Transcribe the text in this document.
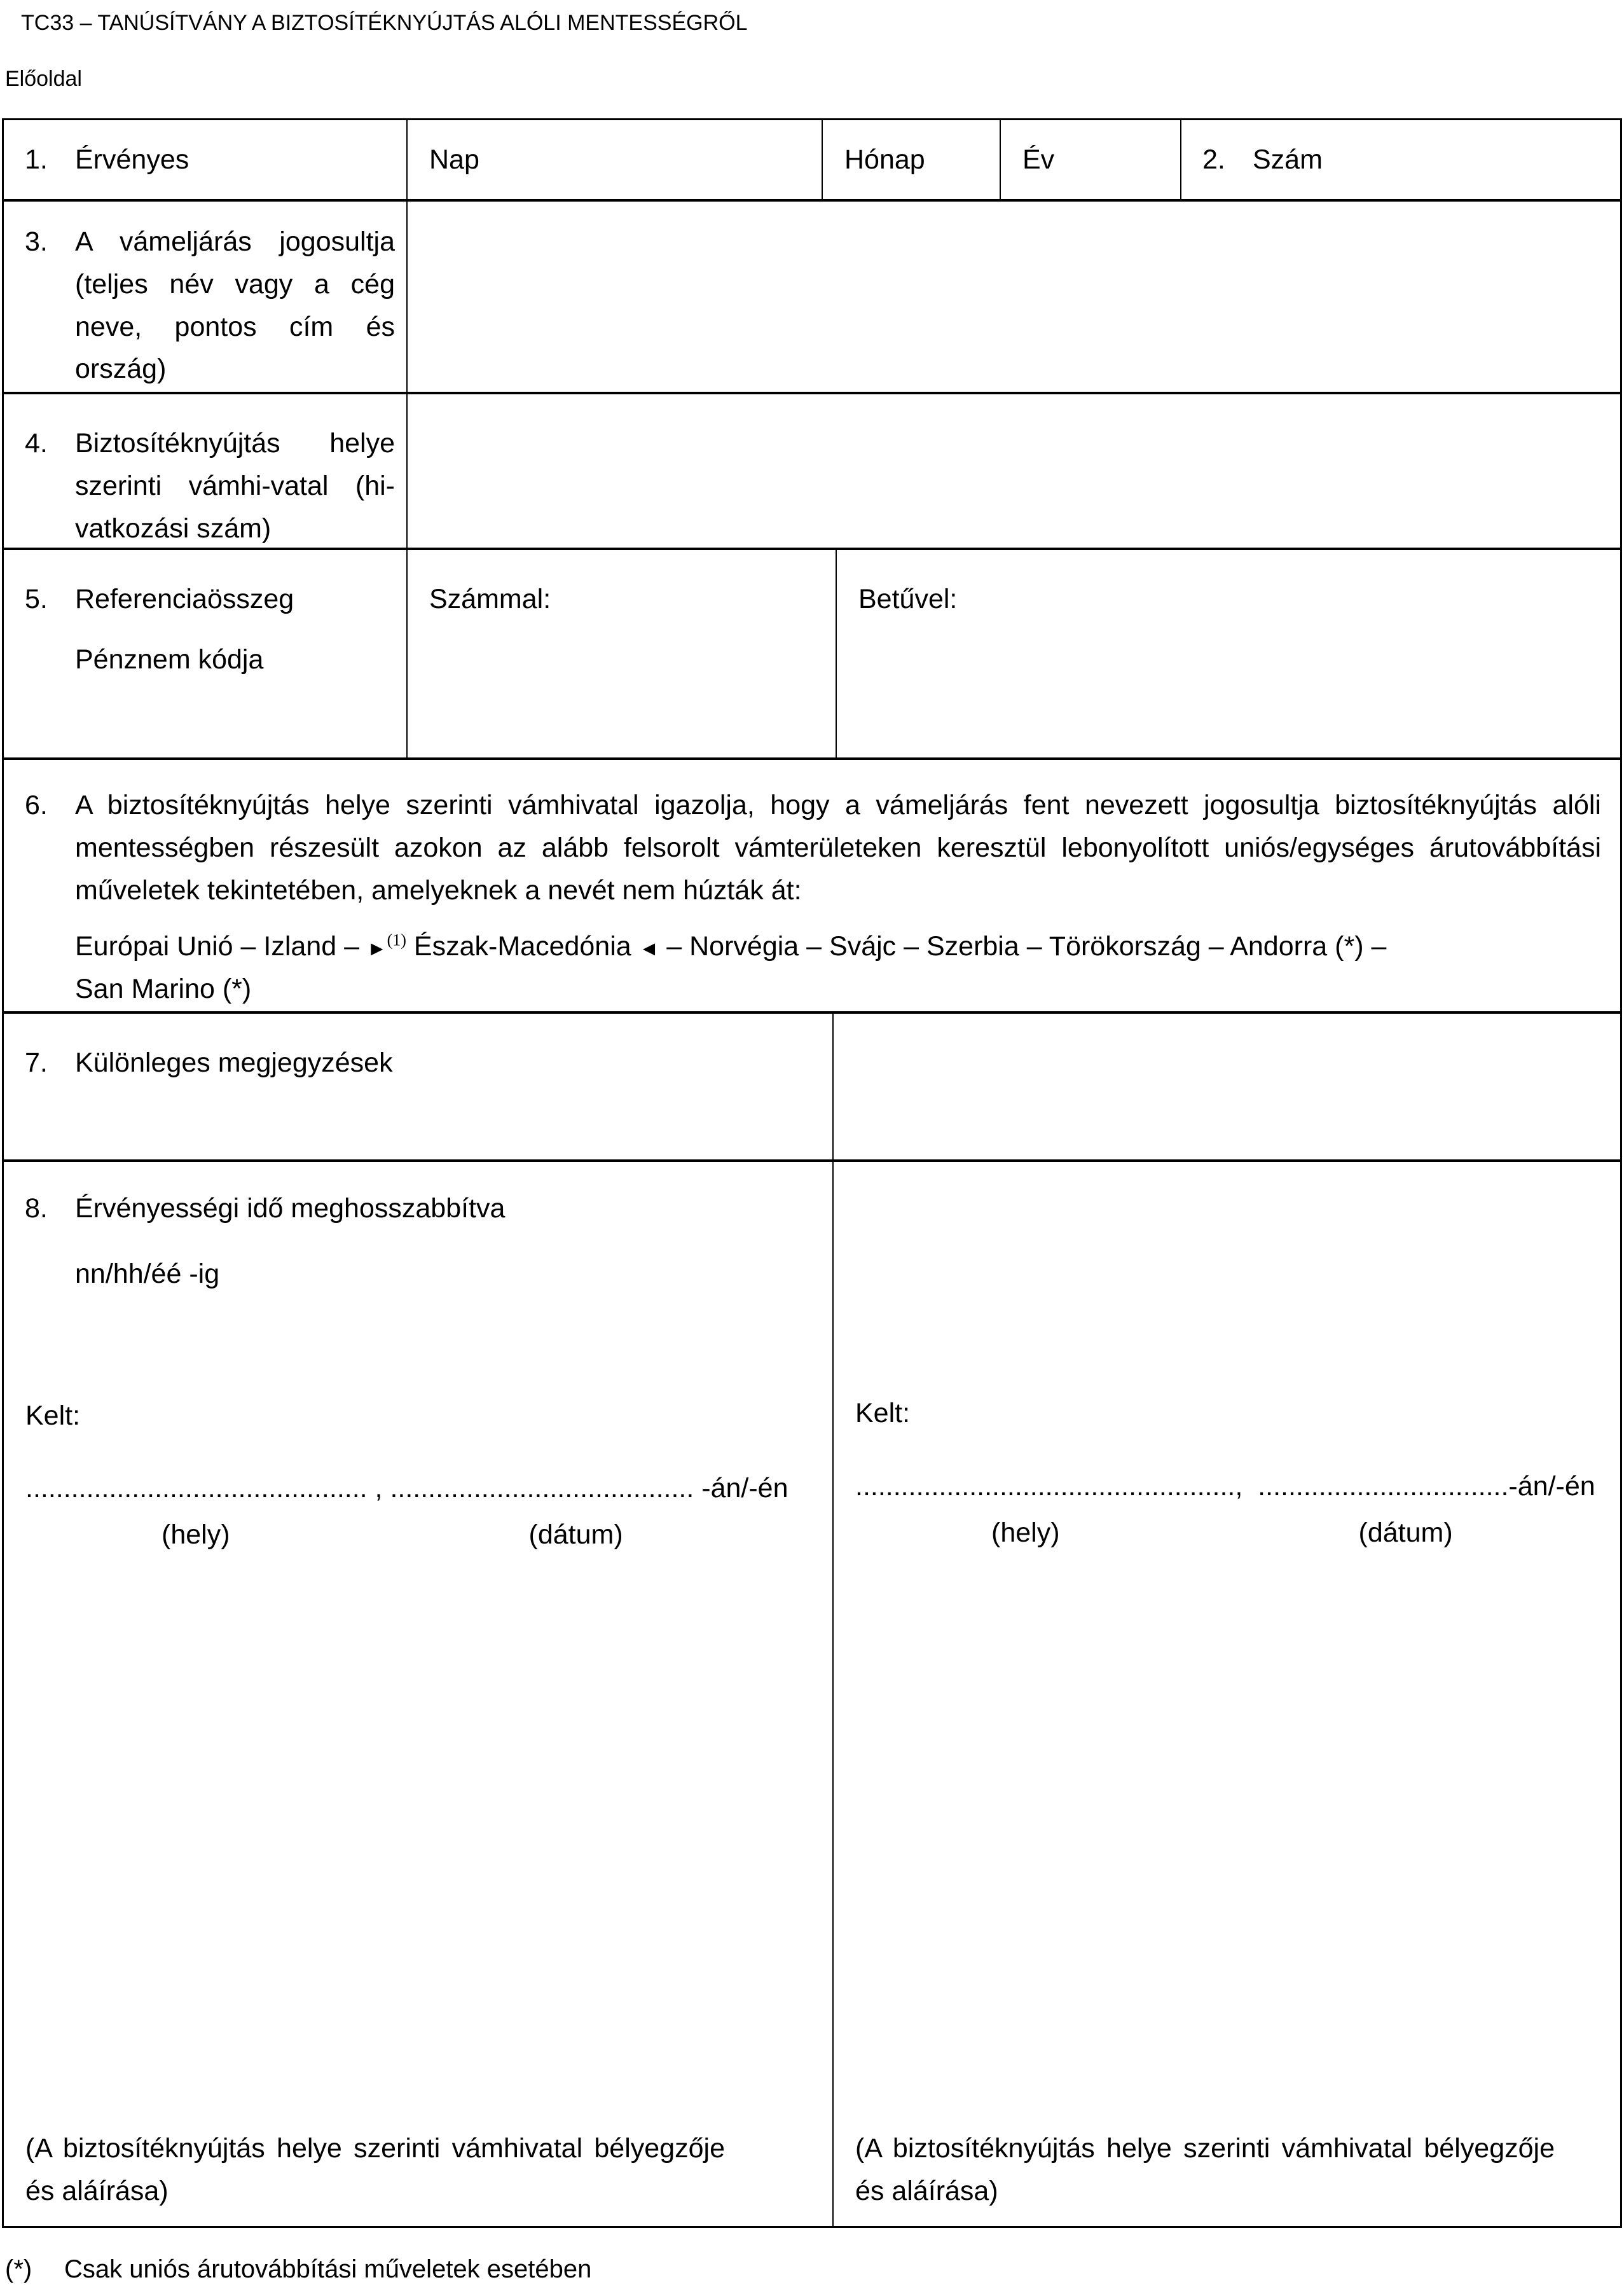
TC33 – TANÚSÍTVÁNY A BIZTOSÍTÉKNYÚJTÁS ALÓLI MENTESSÉGRŐL
Előoldal
1. Érvényes	Nap	Hónap	Év	2. Szám
3. A vámeljárás jogosultja (teljes név vagy a cég neve, pontos cím és ország)
4. Biztosítéknyújtás helye szerinti vámhi-vatal (hi-vatkozási szám)
5. Referenciaösszeg
Pénznem kódja
Számmal:	Betűvel:
6. A biztosítéknyújtás helye szerinti vámhivatal igazolja, hogy a vámeljárás fent nevezett jogosultja biztosítéknyújtás alóli mentességben részesült azokon az alább felsorolt vámterületeken keresztül lebonyolított uniós/egységes árutovábbítási műveletek tekintetében, amelyeknek a nevét nem húzták át:
Európai Unió – Izland – ►$^{(1)}$ Észak-Macedónia ◄ – Norvégia – Svájc – Szerbia – Törökország – Andorra (*) –
San Marino (*)
7. Különleges megjegyzések
8. Érvényességi idő meghosszabbítva
nn/hh/éé -ig
Kelt:
............................................. , ........................................ -án/-én
(hely)	(dátum)
(A biztosítéknyújtás helye szerinti vámhivatal bélyegzője és aláírása)
Kelt:
..................................................,  .................................-án/-én
(hely)	(dátum)
(A biztosítéknyújtás helye szerinti vámhivatal bélyegzője és aláírása)
(*) Csak uniós árutovábbítási műveletek esetében
